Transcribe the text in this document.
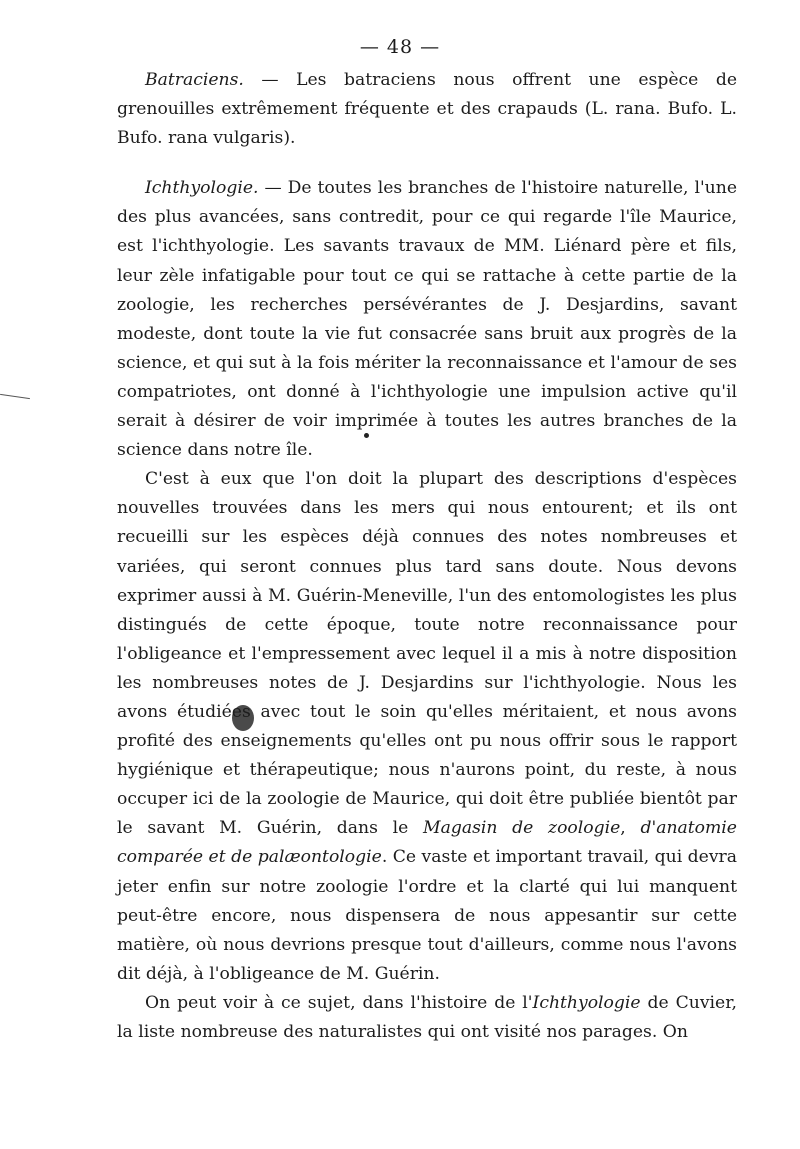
— 48 —

Batraciens. — Les batraciens nous offrent une espèce de grenouilles extrêmement fréquente et des crapauds (L. rana. Bufo. L. Bufo. rana vulgaris).

Ichthyologie. — De toutes les branches de l'histoire naturelle, l'une des plus avancées, sans contredit, pour ce qui regarde l'île Maurice, est l'ichthyologie. Les savants travaux de MM. Liénard père et fils, leur zèle infatigable pour tout ce qui se rattache à cette partie de la zoologie, les recherches persévérantes de J. Desjardins, savant modeste, dont toute la vie fut consacrée sans bruit aux progrès de la science, et qui sut à la fois mériter la reconnaissance et l'amour de ses compatriotes, ont donné à l'ichthyologie une impulsion active qu'il serait à désirer de voir imprimée à toutes les autres branches de la science dans notre île.

C'est à eux que l'on doit la plupart des descriptions d'espèces nouvelles trouvées dans les mers qui nous entourent; et ils ont recueilli sur les espèces déjà connues des notes nombreuses et variées, qui seront connues plus tard sans doute. Nous devons exprimer aussi à M. Guérin-Meneville, l'un des entomologistes les plus distingués de cette époque, toute notre reconnaissance pour l'obligeance et l'empressement avec lequel il a mis à notre disposition les nombreuses notes de J. Desjardins sur l'ichthyologie. Nous les avons étudiées avec tout le soin qu'elles méritaient, et nous avons profité des enseignements qu'elles ont pu nous offrir sous le rapport hygiénique et thérapeutique; nous n'aurons point, du reste, à nous occuper ici de la zoologie de Maurice, qui doit être publiée bientôt par le savant M. Guérin, dans le Magasin de zoologie, d'anatomie comparée et de palæontologie. Ce vaste et important travail, qui devra jeter enfin sur notre zoologie l'ordre et la clarté qui lui manquent peut-être encore, nous dispensera de nous appesantir sur cette matière, où nous devrions presque tout d'ailleurs, comme nous l'avons dit déjà, à l'obligeance de M. Guérin.

On peut voir à ce sujet, dans l'histoire de l'Ichthyologie de Cuvier, la liste nombreuse des naturalistes qui ont visité nos parages. On
